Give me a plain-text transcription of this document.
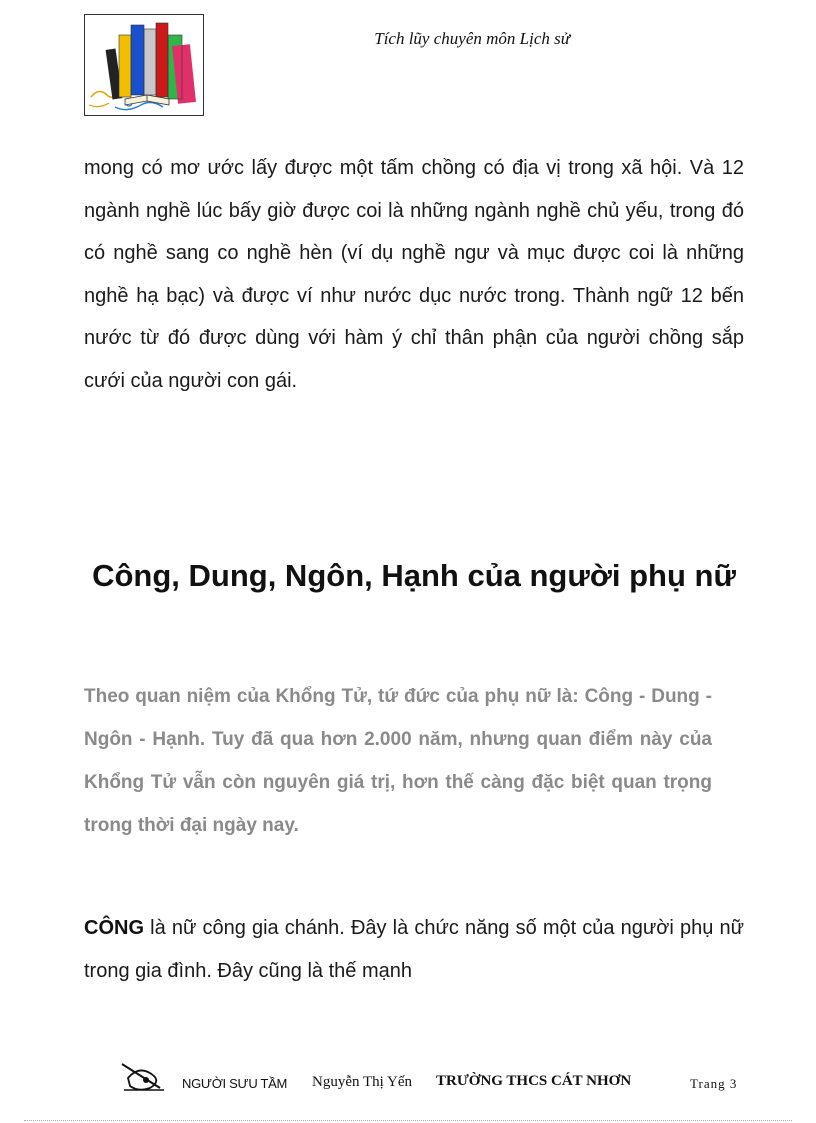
Tích lũy chuyên môn Lịch sử

mong có mơ ước lấy được một tấm chồng có địa vị trong xã hội. Và 12 ngành nghề lúc bấy giờ được coi là những ngành nghề chủ yếu, trong đó có nghề sang co nghề hèn (ví dụ nghề ngư và mục được coi là những nghề hạ bạc) và được ví như nước dục nước trong. Thành ngữ 12 bến nước từ đó được dùng với hàm ý chỉ thân phận của người chồng sắp cưới của người con gái.

Công, Dung, Ngôn, Hạnh của người phụ nữ

Theo quan niệm của Khổng Tử, tứ đức của phụ nữ là: Công - Dung - Ngôn - Hạnh. Tuy đã qua hơn 2.000 năm, nhưng quan điểm này của Khổng Tử vẫn còn nguyên giá trị, hơn thế càng đặc biệt quan trọng trong thời đại ngày nay.

CÔNG là nữ công gia chánh. Đây là chức năng số một của người phụ nữ trong gia đình. Đây cũng là thế mạnh

NGƯỜI SƯU TẦM Nguyễn Thị Yến TRƯỜNG THCS CÁT NHƠN	Trang 3
